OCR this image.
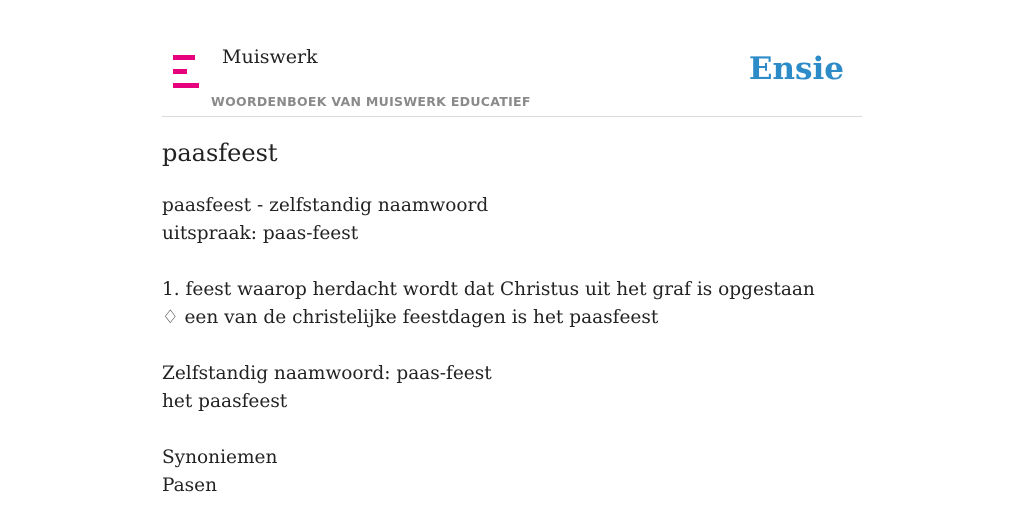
Muiswerk
WOORDENBOEK VAN MUISWERK EDUCATIEF
Ensie
paasfeest
paasfeest - zelfstandig naamwoord
uitspraak: paas-feest
1. feest waarop herdacht wordt dat Christus uit het graf is opgestaan
♢ een van de christelijke feestdagen is het paasfeest
Zelfstandig naamwoord: paas-feest
het paasfeest
Synoniemen
Pasen
